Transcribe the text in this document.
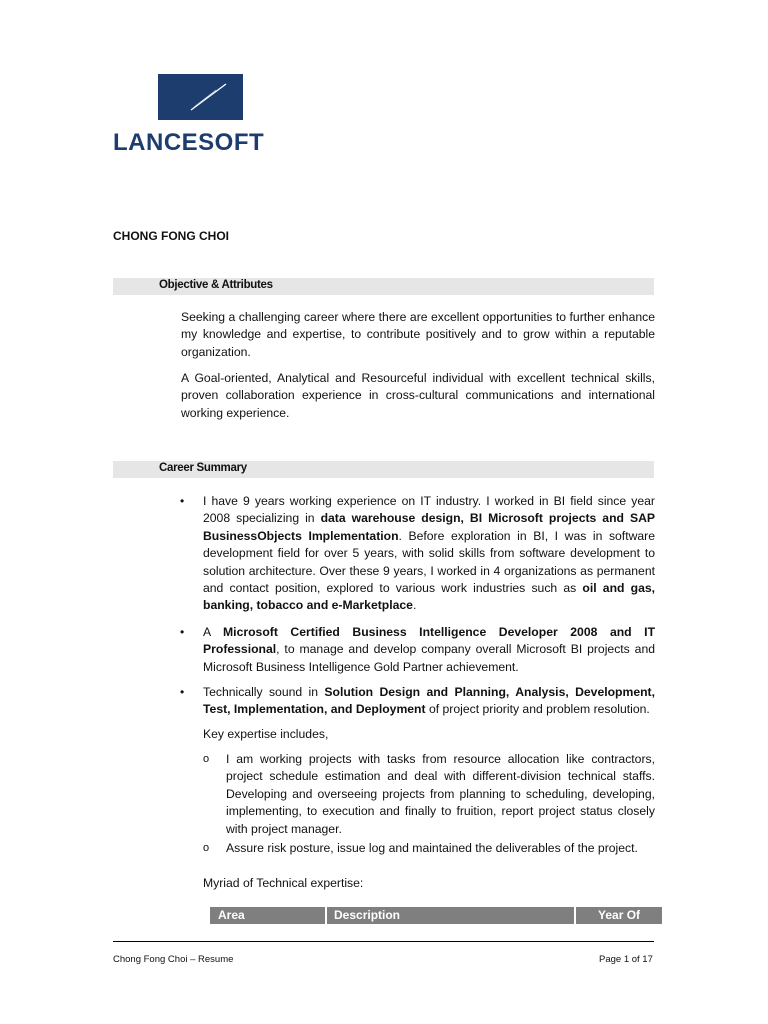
LANCESOFT
CHONG FONG CHOI
Objective & Attributes

Seeking a challenging career where there are excellent opportunities to further enhance my knowledge and expertise, to contribute positively and to grow within a reputable organization.

A Goal-oriented, Analytical and Resourceful individual with excellent technical skills, proven collaboration experience in cross-cultural communications and international working experience.

Career Summary
• I have 9 years working experience on IT industry. I worked in BI field since year 2008 specializing in data warehouse design, BI Microsoft projects and SAP BusinessObjects Implementation. Before exploration in BI, I was in software development field for over 5 years, with solid skills from software development to solution architecture. Over these 9 years, I worked in 4 organizations as permanent and contact position, explored to various work industries such as oil and gas, banking, tobacco and e-Marketplace.

• A Microsoft Certified Business Intelligence Developer 2008 and IT Professional, to manage and develop company overall Microsoft BI projects and Microsoft Business Intelligence Gold Partner achievement.

• Technically sound in Solution Design and Planning, Analysis, Development, Test, Implementation, and Deployment of project priority and problem resolution.

Key expertise includes,
o I am working projects with tasks from resource allocation like contractors, project schedule estimation and deal with different-division technical staffs. Developing and overseeing projects from planning to scheduling, developing, implementing, to execution and finally to fruition, report project status closely with project manager.

o Assure risk posture, issue log and maintained the deliverables of the project.

Myriad of Technical expertise:
Area	Description	Year Of
Chong Fong Choi – Resume	Page 1 of 17
